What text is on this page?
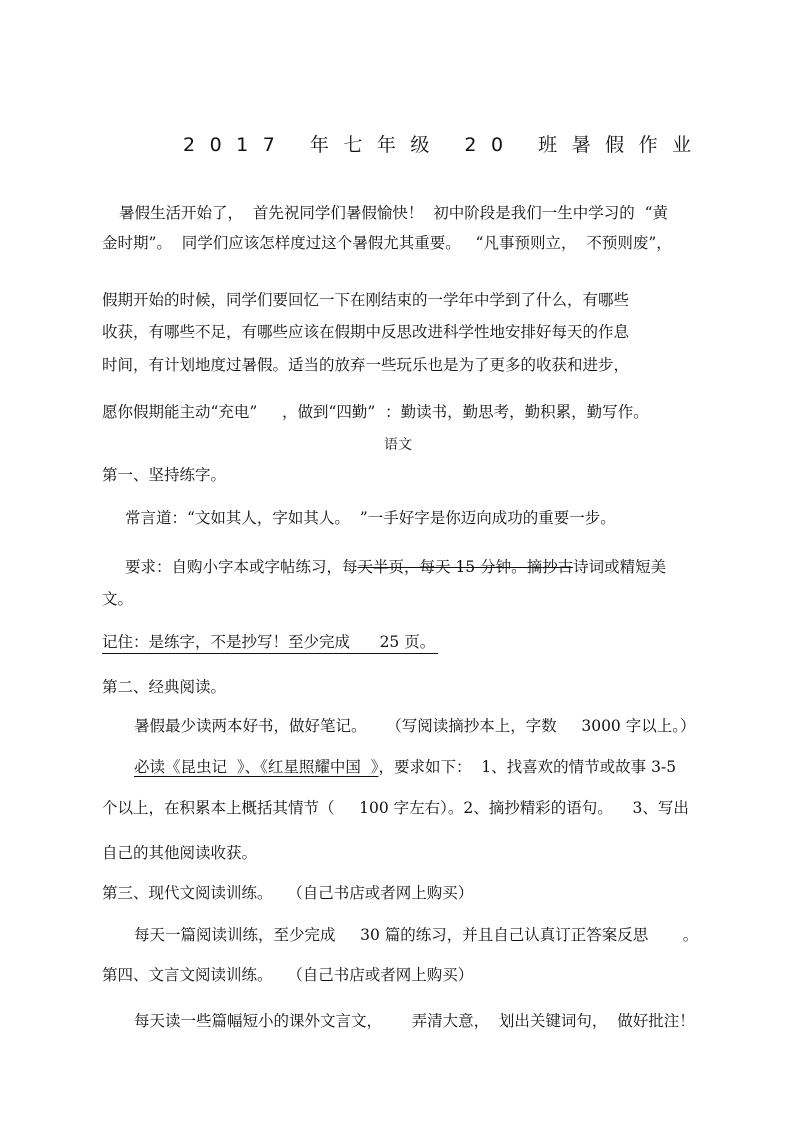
2017 年七年级 20 班暑假作业
暑假生活开始了，  首先祝同学们暑假愉快！  初中阶段是我们一生中学习的  “黄
金时期”。  同学们应该怎样度过这个暑假尤其重要。   “凡事预则立，  不预则废”，
假期开始的时候，同学们要回忆一下在刚结束的一学年中学到了什么，有哪些
收获，有哪些不足，有哪些应该在假期中反思改进科学性地安排好每天的作息
时间，有计划地度过暑假。适当的放弃一些玩乐也是为了更多的收获和进步，
愿你假期能主动“充电”     ，做到“四勤”  ：勤读书，勤思考，勤积累，勤写作。
语文
第一、坚持练字。
常言道：“文如其人，字如其人。  ”一手好字是你迈向成功的重要一步。
要求：自购小字本或字帖练习，每天半页，每天 15 分钟。摘抄古诗词或精短美
文。
记住：是练字，不是抄写！至少完成      25 页。
第二、经典阅读。
暑假最少读两本好书，做好笔记。    （写阅读摘抄本上，字数     3000 字以上。）
必读《昆虫记  》、《红星照耀中国  》，要求如下：  1、找喜欢的情节或故事 3-5
个以上，在积累本上概括其情节（     100 字左右）。2、摘抄精彩的语句。    3、写出
自己的其他阅读收获。
第三、现代文阅读训练。   （自己书店或者网上购买）
每天一篇阅读训练，至少完成     30 篇的练习，并且自己认真订正答案反思       。
第四、文言文阅读训练。   （自己书店或者网上购买）
每天读一些篇幅短小的课外文言文，      弄清大意，  划出关键词句，  做好批注！
